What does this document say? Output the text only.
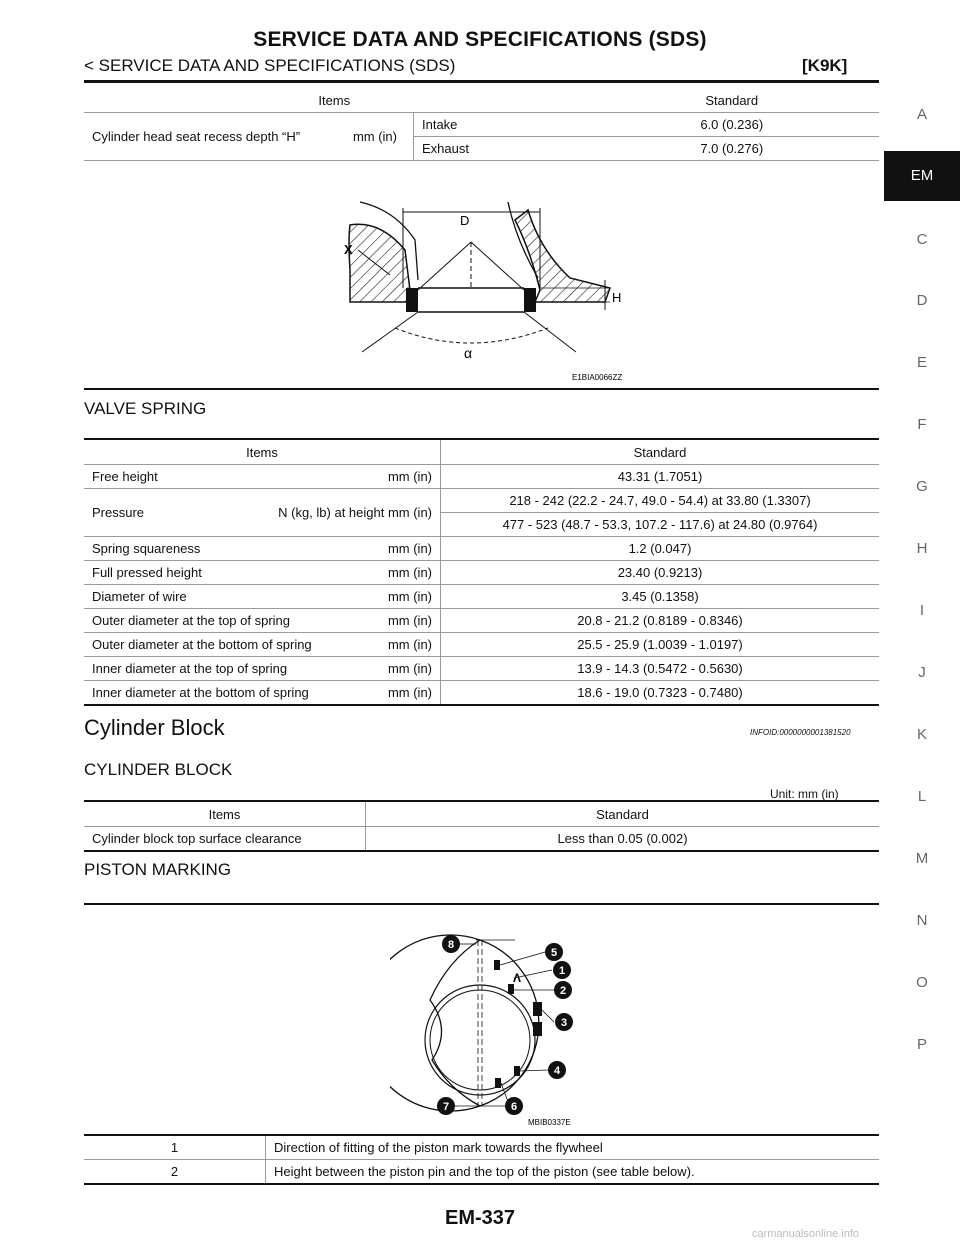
SERVICE DATA AND SPECIFICATIONS (SDS)
< SERVICE DATA AND SPECIFICATIONS (SDS)	[K9K]
A
EM
C
D
E
F
G
H
I
J
K
L
M
N
O
P
Items		Standard

Cylinder head seat recess depth “H” mm (in)	Intake	6.0 (0.236)
	Exhaust	7.0 (0.276)
D
α
X
H
E1BIA0066ZZ
VALVE SPRING
Items	Standard

Free height mm (in)	43.31 (1.7051)

Pressure N (kg, lb) at height mm (in)	218 - 242 (22.2 - 24.7, 49.0 - 54.4) at 33.80 (1.3307)
	477 - 523 (48.7 - 53.3, 107.2 - 117.6) at 24.80 (0.9764)

Spring squareness mm (in)	1.2 (0.047)

Full pressed height mm (in)	23.40 (0.9213)

Diameter of wire mm (in)	3.45 (0.1358)

Outer diameter at the top of spring mm (in)	20.8 - 21.2 (0.8189 - 0.8346)

Outer diameter at the bottom of spring mm (in)	25.5 - 25.9 (1.0039 - 1.0197)

Inner diameter at the top of spring mm (in)	13.9 - 14.3 (0.5472 - 0.5630)

Inner diameter at the bottom of spring mm (in)	18.6 - 19.0 (0.7323 - 0.7480)
Cylinder Block	INFOID:0000000001381520
CYLINDER BLOCK
Unit: mm (in)
Items	Standard
Cylinder block top surface clearance	Less than 0.05 (0.002)
PISTON MARKING
Λ
8
5
1
2
3
4
6
7
MBIB0337E
1	Direction of fitting of the piston mark towards the flywheel
2	Height between the piston pin and the top of the piston (see table below).
EM-337
carmanualsonline.info
